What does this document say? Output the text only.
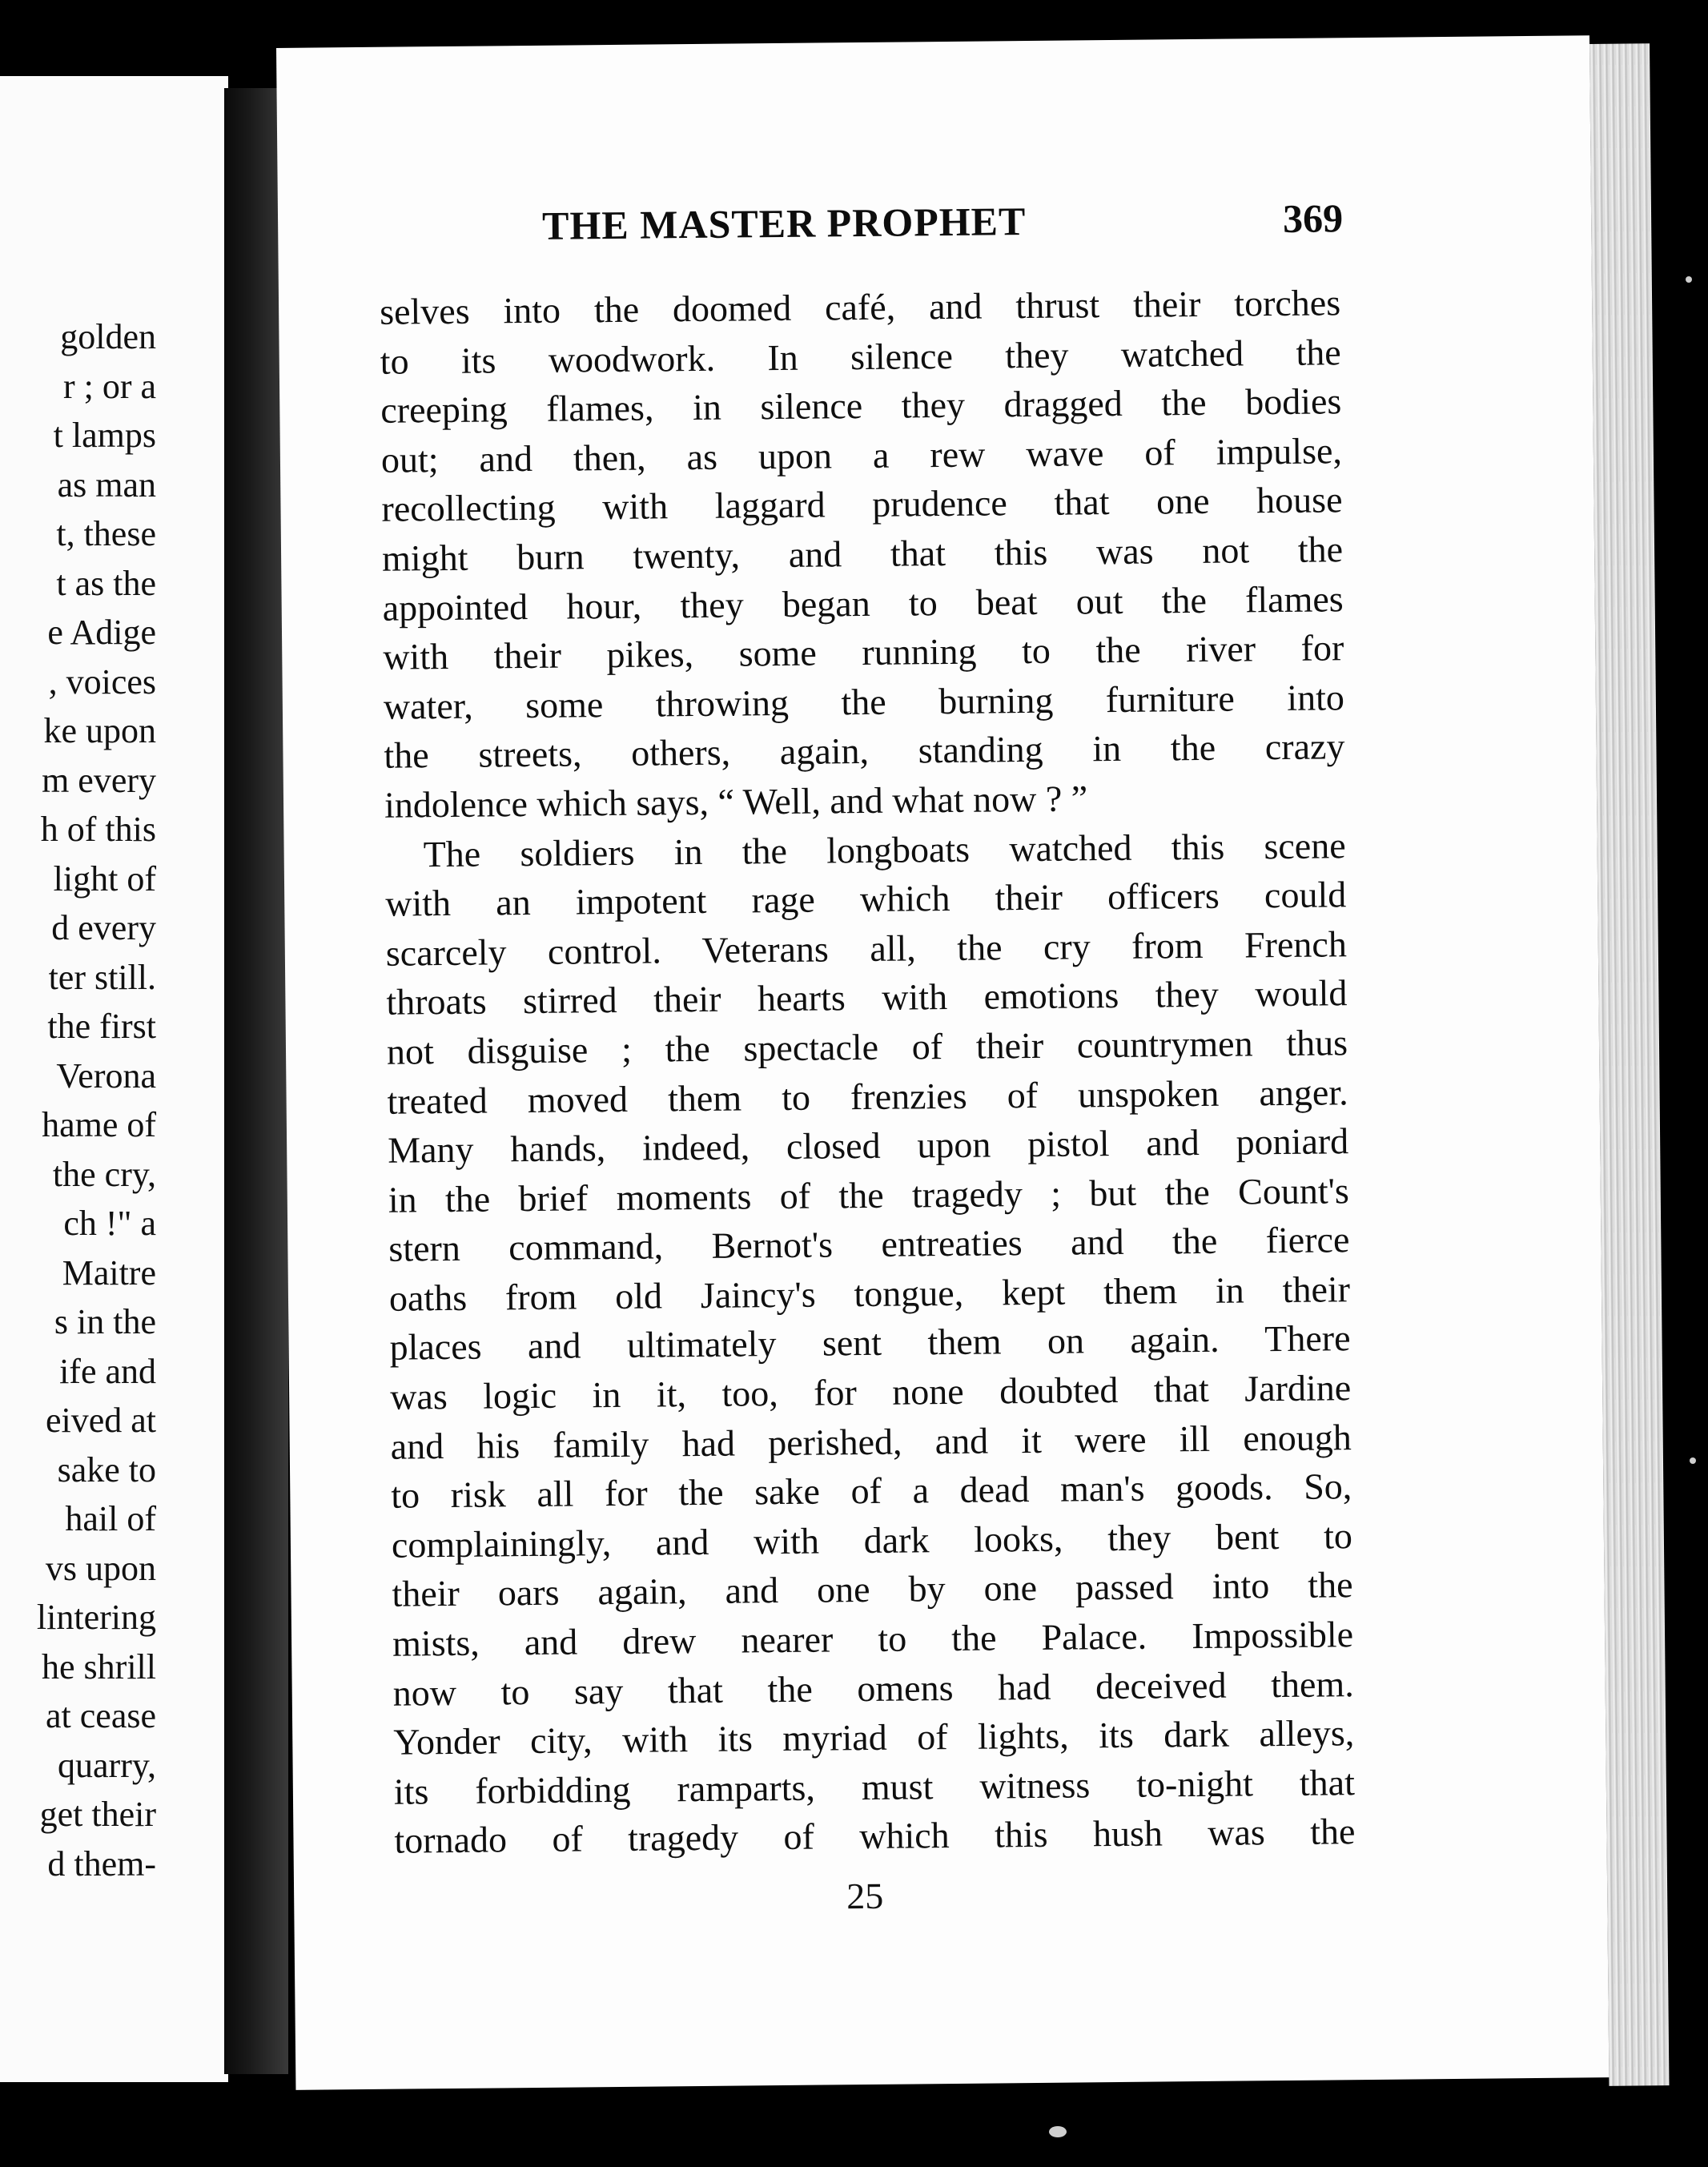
golden
r ; or a
t lamps
as man
t, these
t as the
e Adige
, voices
ke upon
m every
h of this
light of
d every
ter still.
the first
Verona
hame of
the cry,
ch !" a
Maitre
s in the
ife and
eived at
sake to
hail of
vs upon
lintering
he shrill
at cease
quarry,
get their
d them-
THE MASTER PROPHET	369
selves into the doomed café, and thrust their torches
to its woodwork. In silence they watched the
creeping flames, in silence they dragged the bodies
out; and then, as upon a rew wave of impulse,
recollecting with laggard prudence that one house
might burn twenty, and that this was not the
appointed hour, they began to beat out the flames
with their pikes, some running to the river for
water, some throwing the burning furniture into
the streets, others, again, standing in the crazy
indolence which says, “ Well, and what now ? ”
The soldiers in the longboats watched this scene
with an impotent rage which their officers could
scarcely control. Veterans all, the cry from French
throats stirred their hearts with emotions they would
not disguise ; the spectacle of their countrymen thus
treated moved them to frenzies of unspoken anger.
Many hands, indeed, closed upon pistol and poniard
in the brief moments of the tragedy ; but the Count's
stern command, Bernot's entreaties and the fierce
oaths from old Jaincy's tongue, kept them in their
places and ultimately sent them on again. There
was logic in it, too, for none doubted that Jardine
and his family had perished, and it were ill enough
to risk all for the sake of a dead man's goods. So,
complainingly, and with dark looks, they bent to
their oars again, and one by one passed into the
mists, and drew nearer to the Palace. Impossible
now to say that the omens had deceived them.
Yonder city, with its myriad of lights, its dark alleys,
its forbidding ramparts, must witness to-night that
tornado of tragedy of which this hush was the
25
